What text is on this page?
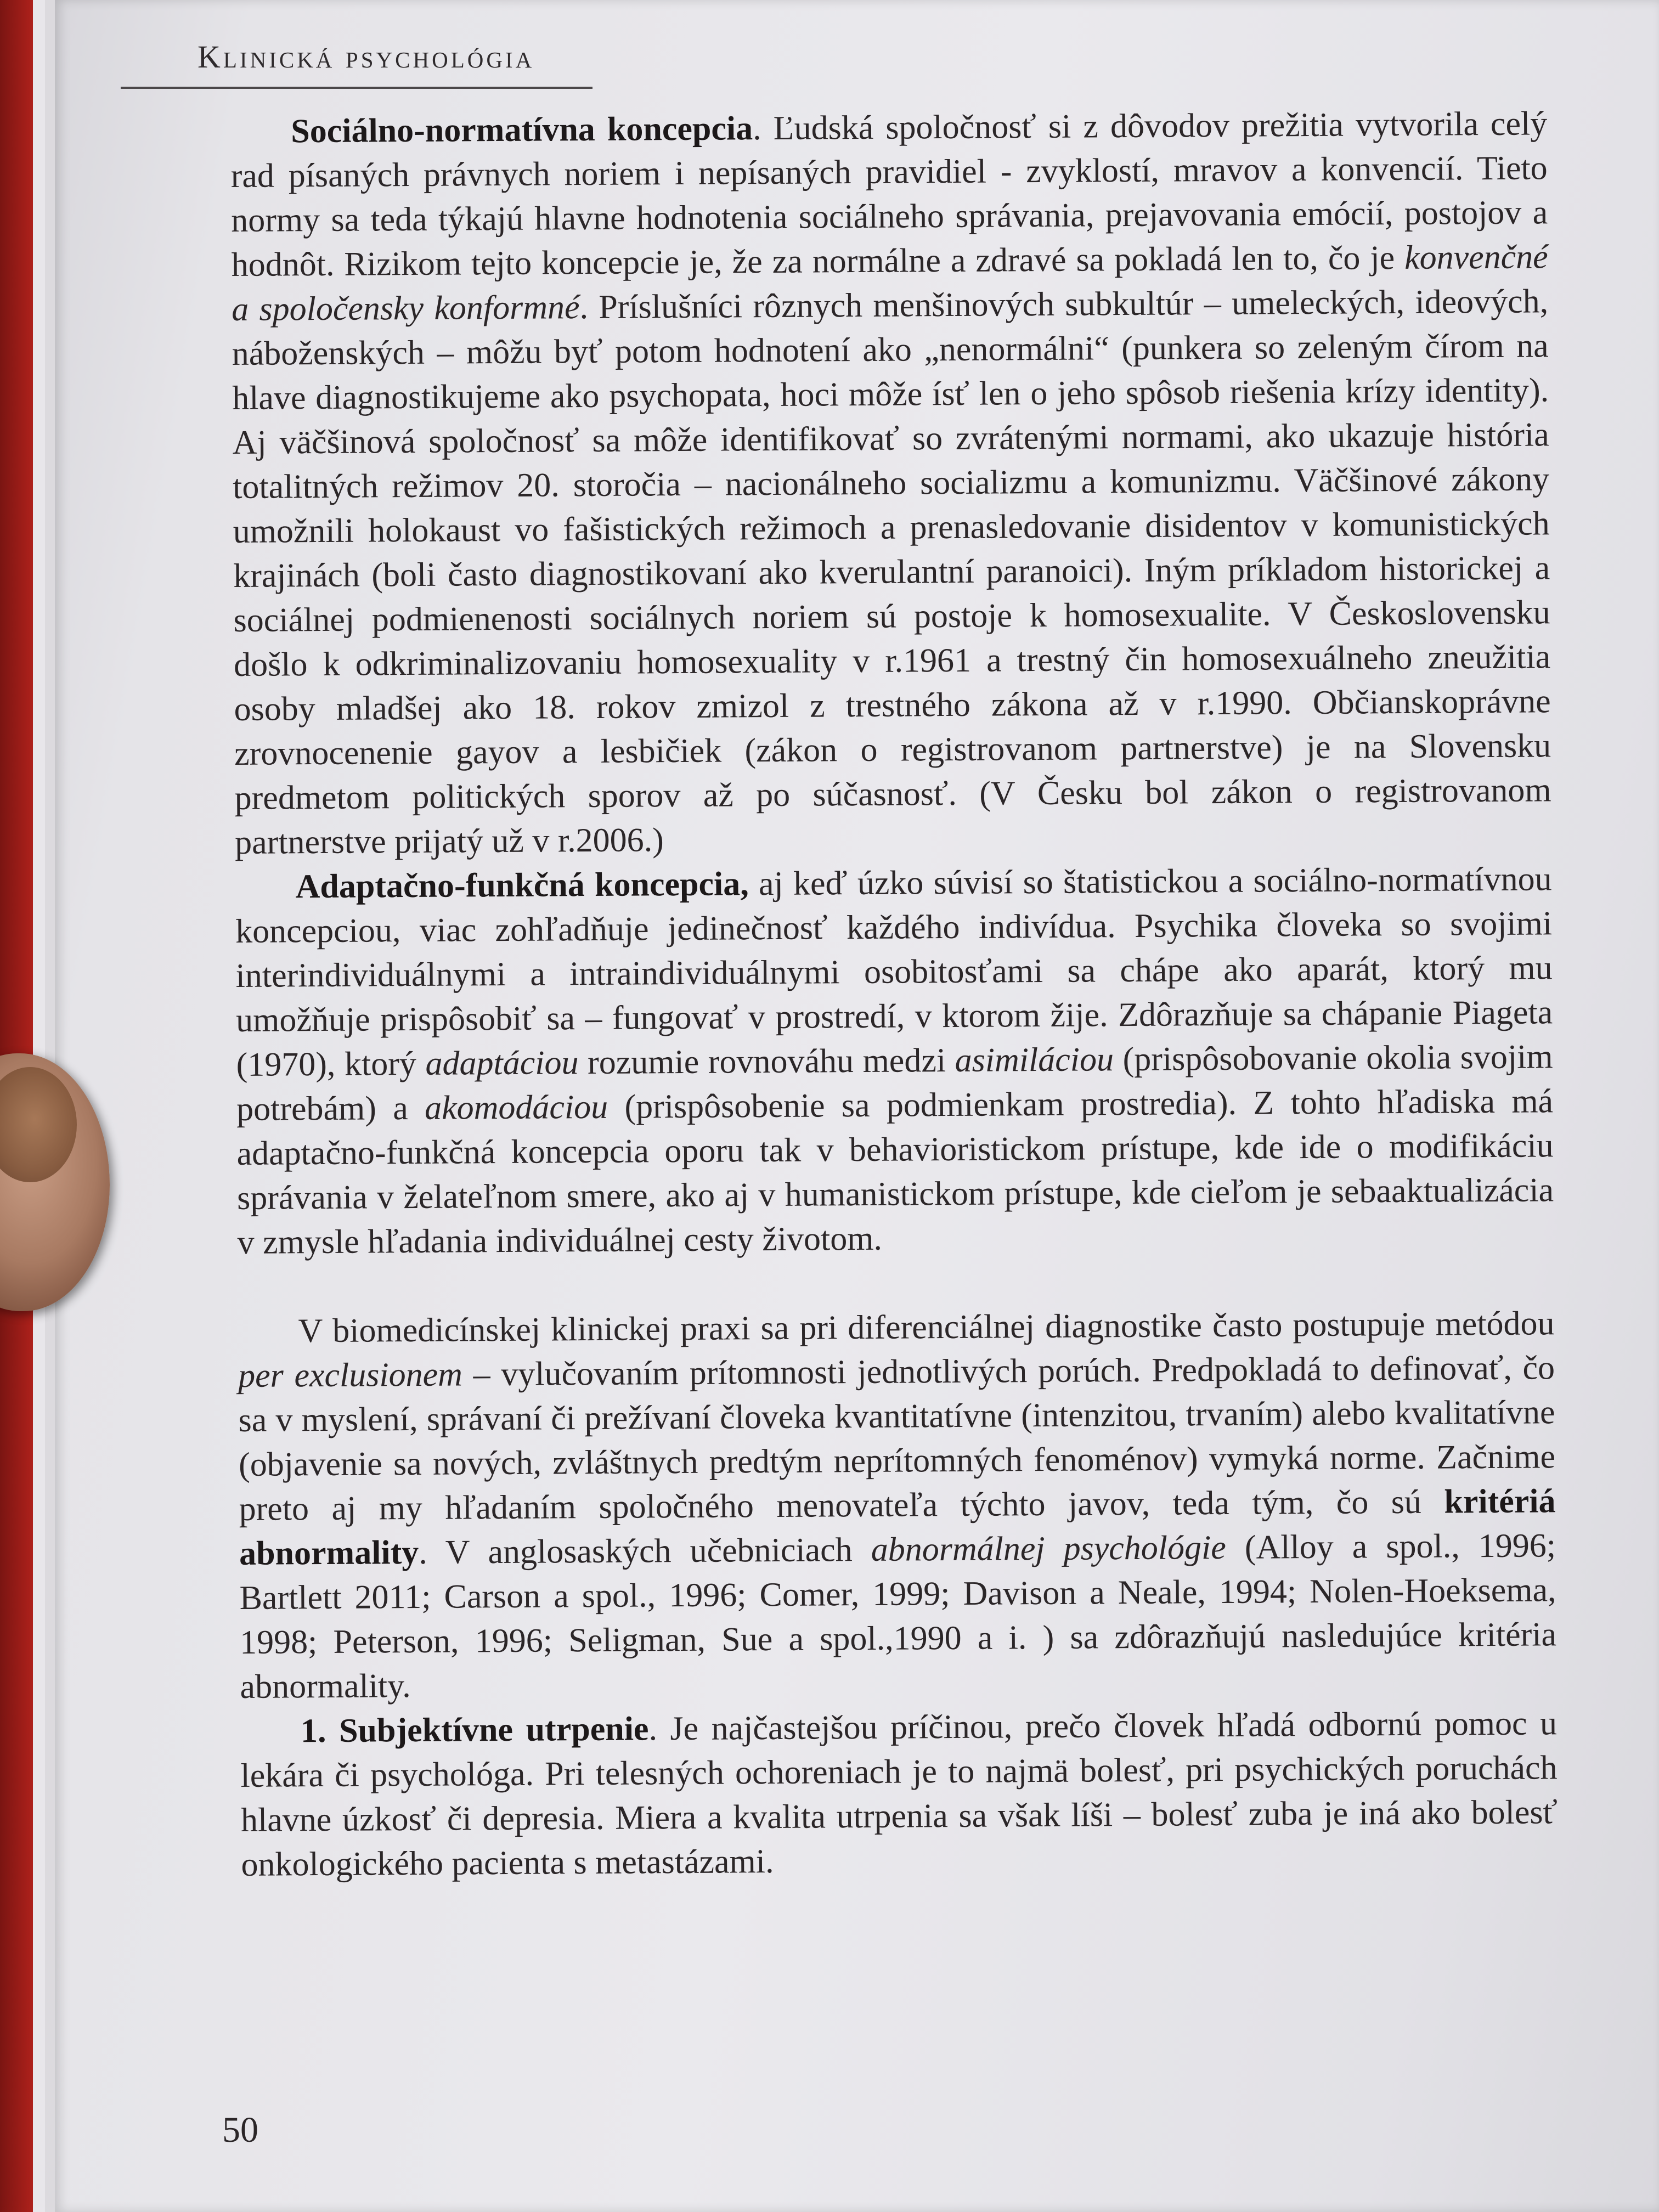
Klinická psychológia

Sociálno-normatívna koncepcia. Ľudská spoločnosť si z dôvodov prežitia vytvorila celý rad písaných právnych noriem i nepísaných pravidiel - zvyklostí, mravov a konvencií. Tieto normy sa teda týkajú hlavne hodnotenia sociálneho správania, prejavovania emócií, postojov a hodnôt. Rizikom tejto koncepcie je, že za normálne a zdravé sa pokladá len to, čo je konvenčné a spoločensky konformné. Príslušníci rôznych menšinových subkultúr – umeleckých, ideových, náboženských – môžu byť potom hodnotení ako „nenormálni“ (punkera so zeleným čírom na hlave diagnostikujeme ako psychopata, hoci môže ísť len o jeho spôsob riešenia krízy identity). Aj väčšinová spoločnosť sa môže identifikovať so zvrátenými normami, ako ukazuje história totalitných režimov 20. storočia – nacionálneho socializmu a komunizmu. Väčšinové zákony umožnili holokaust vo fašistických režimoch a prenasledovanie disidentov v komunistických krajinách (boli často diagnostikovaní ako kverulantní paranoici). Iným príkladom historickej a sociálnej podmienenosti sociálnych noriem sú postoje k homosexualite. V Československu došlo k odkriminalizovaniu homosexuality v r.1961 a trestný čin homosexuálneho zneužitia osoby mladšej ako 18. rokov zmizol z trestného zákona až v r.1990. Občianskoprávne zrovnocenenie gayov a lesbičiek (zákon o registrovanom partnerstve) je na Slovensku predmetom politických sporov až po súčasnosť. (V Česku bol zákon o registrovanom partnerstve prijatý už v r.2006.)

Adaptačno-funkčná koncepcia, aj keď úzko súvisí so štatistickou a sociálno-normatívnou koncepciou, viac zohľadňuje jedinečnosť každého indivídua. Psychika človeka so svojimi interindividuálnymi a intraindividuálnymi osobitosťami sa chápe ako aparát, ktorý mu umožňuje prispôsobiť sa – fungovať v prostredí, v ktorom žije. Zdôrazňuje sa chápanie Piageta (1970), ktorý adaptáciou rozumie rovnováhu medzi asimiláciou (prispôsobovanie okolia svojim potrebám) a akomodáciou (prispôsobenie sa podmienkam prostredia). Z tohto hľadiska má adaptačno-funkčná koncepcia oporu tak v behavioristickom prístupe, kde ide o modifikáciu správania v želateľnom smere, ako aj v humanistickom prístupe, kde cieľom je sebaaktualizácia v zmysle hľadania individuálnej cesty životom.

V biomedicínskej klinickej praxi sa pri diferenciálnej diagnostike často postupuje metódou per exclusionem – vylučovaním prítomnosti jednotlivých porúch. Predpokladá to definovať, čo sa v myslení, správaní či prežívaní človeka kvantitatívne (intenzitou, trvaním) alebo kvalitatívne (objavenie sa nových, zvláštnych predtým neprítomných fenoménov) vymyká norme. Začnime preto aj my hľadaním spoločného menovateľa týchto javov, teda tým, čo sú kritériá abnormality. V anglosaských učebniciach abnormálnej psychológie (Alloy a spol., 1996; Bartlett 2011; Carson a spol., 1996; Comer, 1999; Davison a Neale, 1994; Nolen-Hoeksema, 1998; Peterson, 1996; Seligman, Sue a spol.,1990 a i. ) sa zdôrazňujú nasledujúce kritéria abnormality.

1. Subjektívne utrpenie. Je najčastejšou príčinou, prečo človek hľadá odbornú pomoc u lekára či psychológa. Pri telesných ochoreniach je to najmä bolesť, pri psychických poruchách hlavne úzkosť či depresia. Miera a kvalita utrpenia sa však líši – bolesť zuba je iná ako bolesť onkologického pacienta s metastázami.

50
